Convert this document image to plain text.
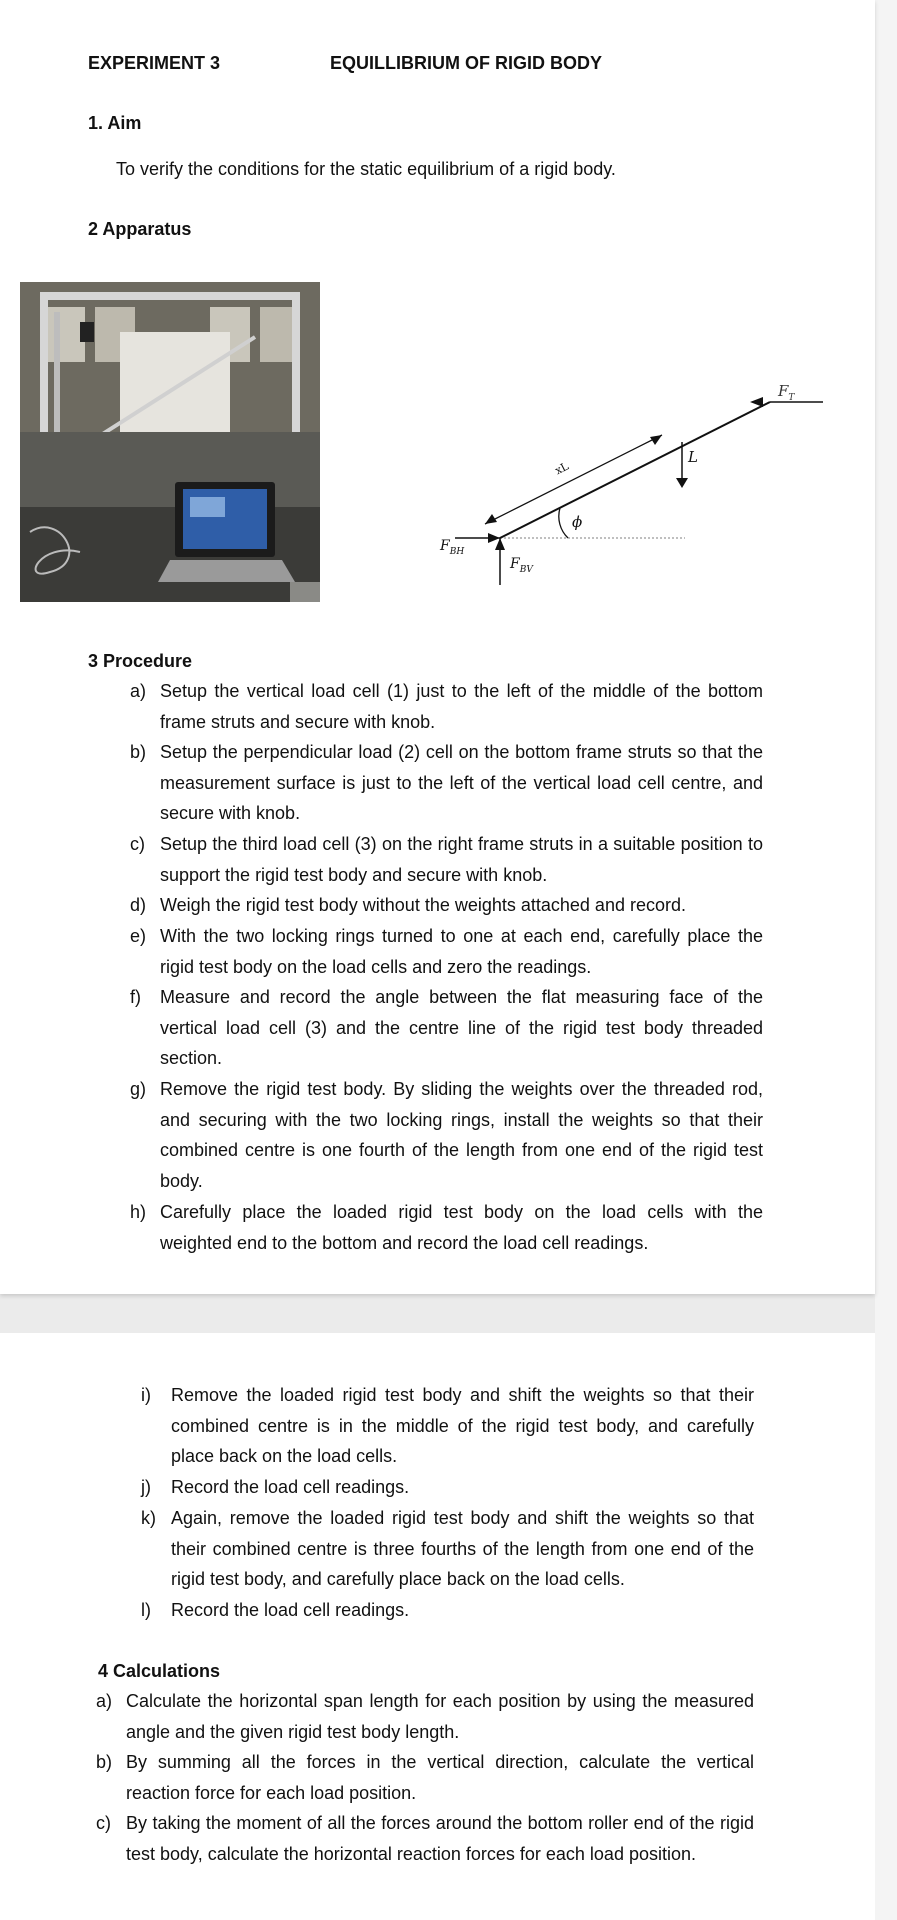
EXPERIMENT 3	EQUILLIBRIUM OF RIGID BODY
1. Aim
To verify the conditions for the static equilibrium of a rigid body.
2 Apparatus
$F_T$
L
xL
ϕ
$F_{BH}$
$F_{BV}$
3 Procedure
a) Setup the vertical load cell (1) just to the left of the middle of the bottom frame struts and secure with knob.
b) Setup the perpendicular load (2) cell on the bottom frame struts so that the measurement surface is just to the left of the vertical load cell centre, and secure with knob.
c) Setup the third load cell (3) on the right frame struts in a suitable position to support the rigid test body and secure with knob.
d) Weigh the rigid test body without the weights attached and record.
e) With the two locking rings turned to one at each end, carefully place the rigid test body on the load cells and zero the readings.
f) Measure and record the angle between the flat measuring face of the vertical load cell (3) and the centre line of the rigid test body threaded section.
g) Remove the rigid test body. By sliding the weights over the threaded rod, and securing with the two locking rings, install the weights so that their combined centre is one fourth of the length from one end of the rigid test body.
h) Carefully place the loaded rigid test body on the load cells with the weighted end to the bottom and record the load cell readings.
i) Remove the loaded rigid test body and shift the weights so that their combined centre is in the middle of the rigid test body, and carefully place back on the load cells.
j) Record the load cell readings.
k) Again, remove the loaded rigid test body and shift the weights so that their combined centre is three fourths of the length from one end of the rigid test body, and carefully place back on the load cells.
l) Record the load cell readings.
4 Calculations
a) Calculate the horizontal span length for each position by using the measured angle and the given rigid test body length.
b) By summing all the forces in the vertical direction, calculate the vertical reaction force for each load position.
c) By taking the moment of all the forces around the bottom roller end of the rigid test body, calculate the horizontal reaction forces for each load position.
